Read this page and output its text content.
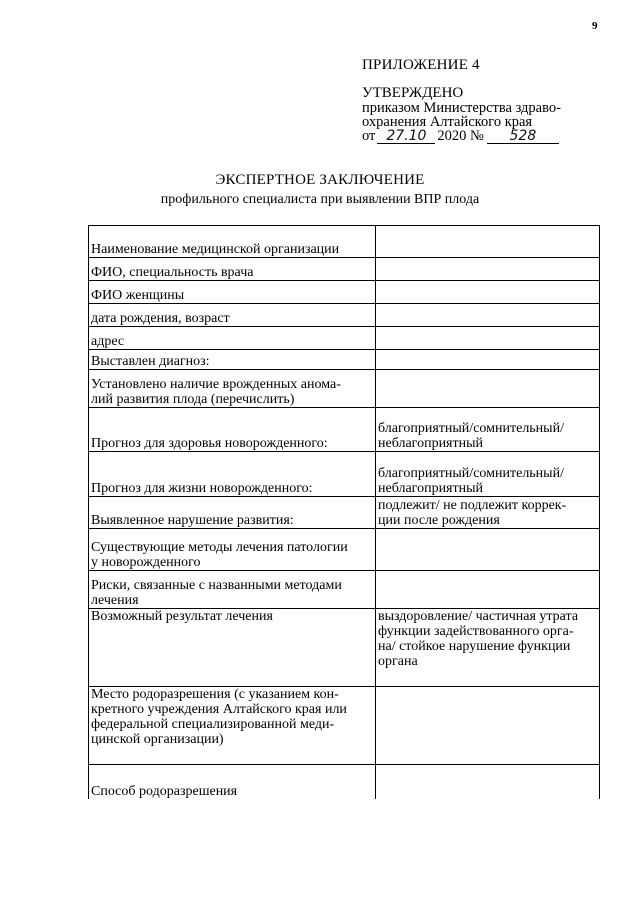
9
ПРИЛОЖЕНИЕ 4
УТВЕРЖДЕНО
приказом Министерства здраво-
охранения Алтайского края
от 27.10 2020 №	528
ЭКСПЕРТНОЕ ЗАКЛЮЧЕНИЕ
профильного специалиста при выявлении ВПР плода
Наименование медицинской организации	

ФИО, специальность врача	

ФИО женщины	

дата рождения, возраст	

адрес	

Выставлен диагноз:	

Установлено наличие врожденных анома-
лий развития плода (перечислить)	

Прогноз для здоровья новорожденного:	благоприятный/сомнительный/
неблагоприятный

Прогноз для жизни новорожденного:	благоприятный/сомнительный/
неблагоприятный

Выявленное нарушение развития:	подлежит/ не подлежит коррек-
ции после рождения

Существующие методы лечения патологии
у новорожденного	

Риски, связанные с названными методами
лечения	

Возможный результат лечения	выздоровление/ частичная утрата
функции задействованного орга-
на/ стойкое нарушение функции
органа

Место родоразрешения (с указанием кон-
кретного учреждения Алтайского края или
федеральной специализированной меди-
цинской организации)	

Способ родоразрешения	
